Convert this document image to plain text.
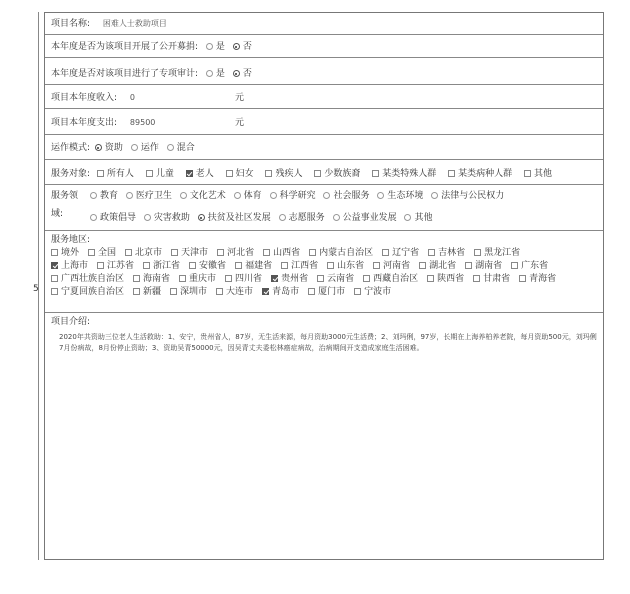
5
项目名称: 困难人士救助项目
本年度是否为该项目开展了公开募捐: 是 否
本年度是否对该项目进行了专项审计: 是 否
项目本年度收入: 0	元
项目本年度支出: 89500	元
运作模式: 资助 运作 混合
服务对象: 所有人 儿童 老人 妇女 残疾人 少数族裔 某类特殊人群 某类病种人群 其他
服务领
域:
教育 医疗卫生 文化艺术 体育 科学研究 社会服务 生态环境 法律与公民权力
政策倡导 灾害救助 扶贫及社区发展 志愿服务 公益事业发展 其他
服务地区:
境外 全国 北京市 天津市 河北省 山西省 内蒙古自治区 辽宁省 吉林省 黑龙江省
上海市 江苏省 浙江省 安徽省 福建省 江西省 山东省 河南省 湖北省 湖南省 广东省
广西壮族自治区 海南省 重庆市 四川省 贵州省 云南省 西藏自治区 陕西省 甘肃省 青海省
宁夏回族自治区 新疆 深圳市 大连市 青岛市 厦门市 宁波市
项目介绍:
2020年共资助三位老人生活救助：1、安宁，贵州省人，87岁，无生活来源，每月资助3000元生活费；2、刘玛俐，97岁，长期在上海养柏养老院，每月资助500元，刘玛俐7月份病故，8月份停止资助；3、资助吴青50000元，因吴青丈夫委松林癌症病故，治病期间开支造成家庭生活困难。
